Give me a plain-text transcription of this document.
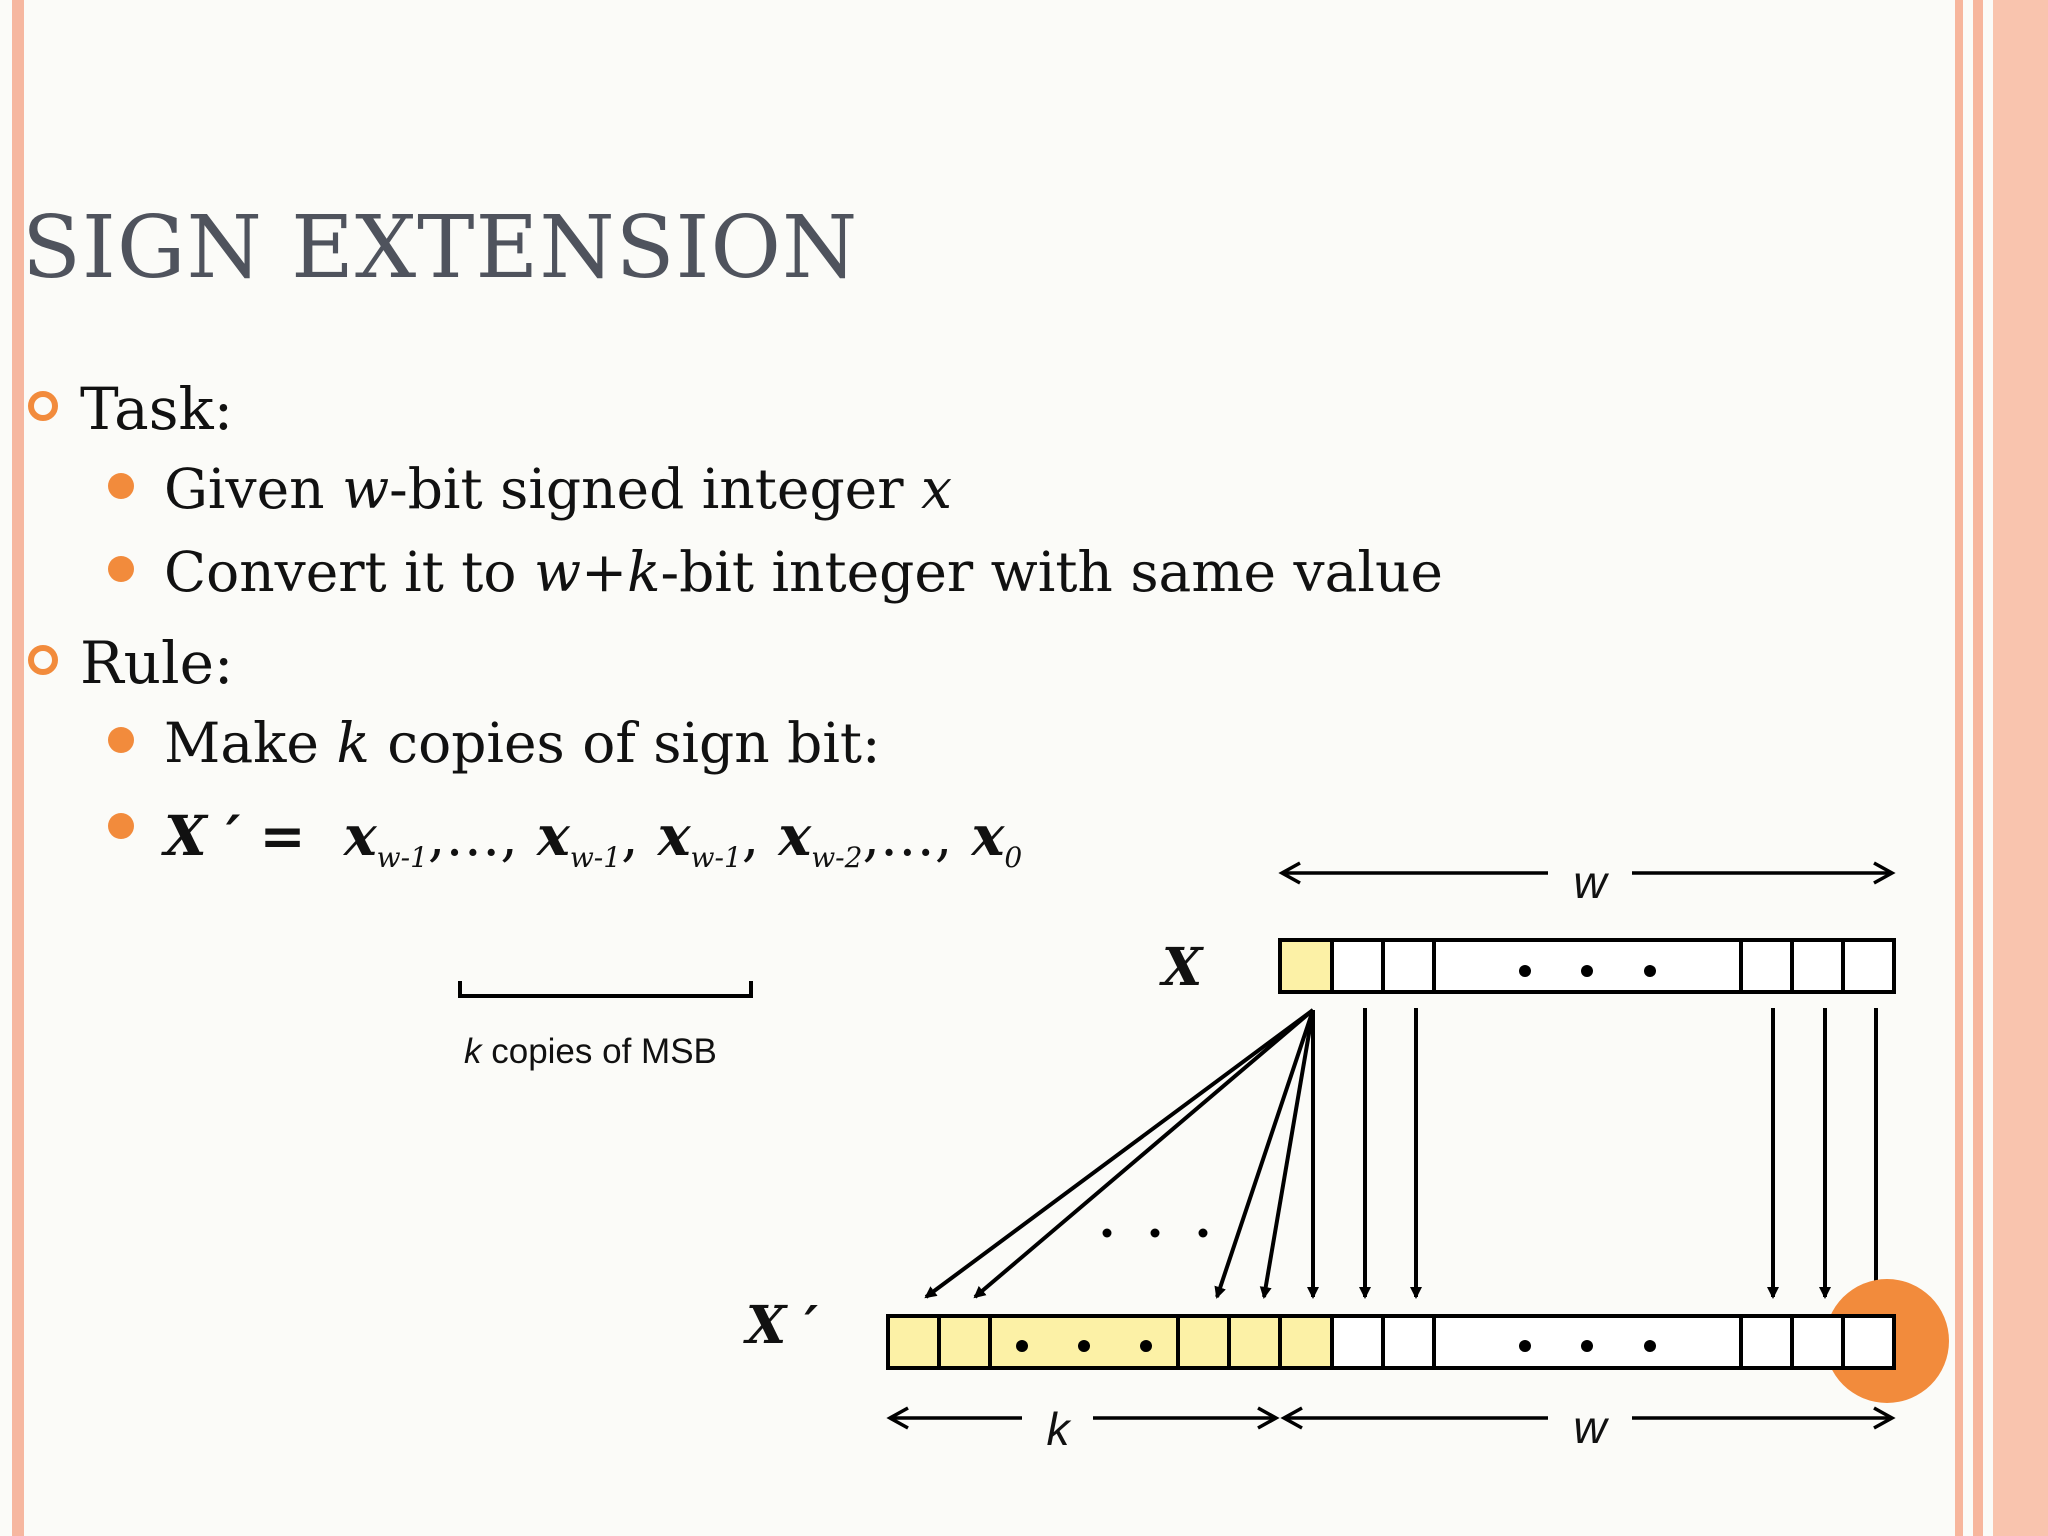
SIGN EXTENSION
Task:
Given w-bit signed integer x
Convert it to w+k-bit integer with same value
Rule:
Make k copies of sign bit:
X ′ = $x_{w-1},\dots$, $x_{w-1}$, $x_{w-1}$, $x_{w-2},\dots$, $x_0$
k copies of MSB
w
X
X ′
k	w
